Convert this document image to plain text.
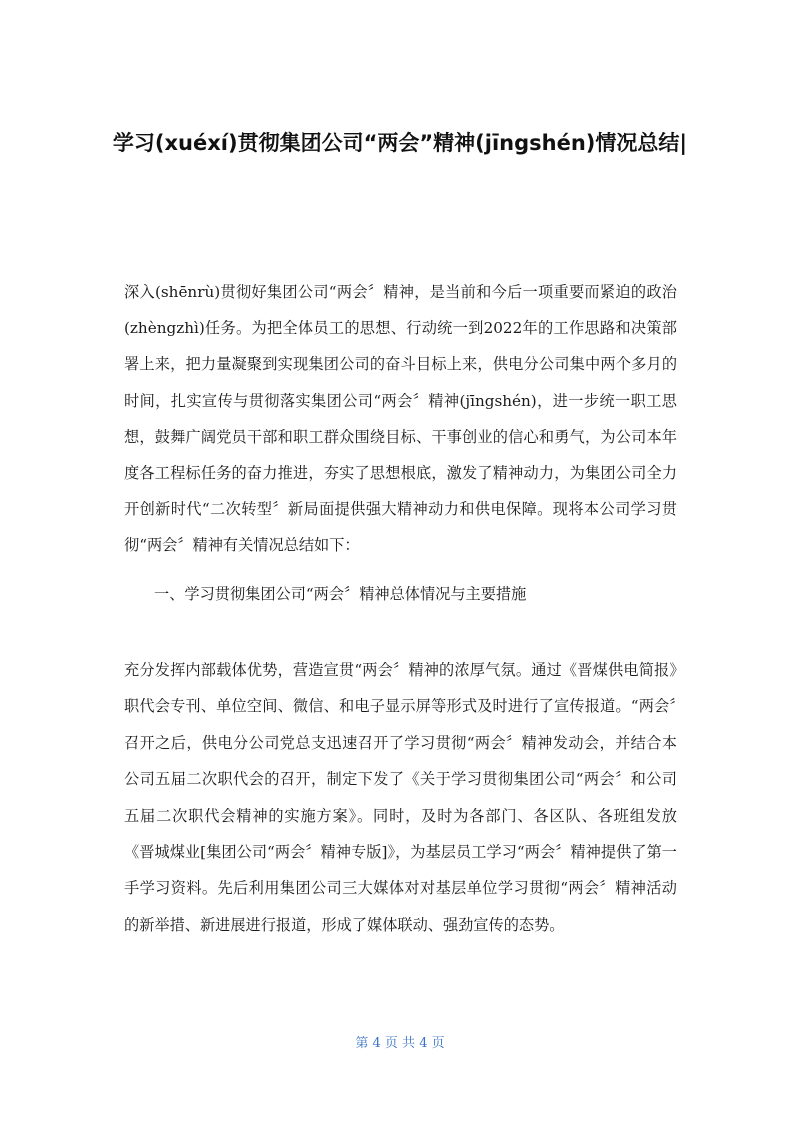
学习(xuéxí)贯彻集团公司“两会”精神(jīngshén)情况总结|

深入(shēnrù)贯彻好集团公司“两会〞精神，是当前和今后一项重要而紧迫的政治(zhèngzhì)任务。为把全体员工的思想、行动统一到2022年的工作思路和决策部署上来，把力量凝聚到实现集团公司的奋斗目标上来，供电分公司集中两个多月的时间，扎实宣传与贯彻落实集团公司“两会〞精神(jīngshén)，进一步统一职工思想，鼓舞广阔党员干部和职工群众围绕目标、干事创业的信心和勇气，为公司本年度各工程标任务的奋力推进，夯实了思想根底，激发了精神动力，为集团公司全力开创新时代“二次转型〞新局面提供强大精神动力和供电保障。现将本公司学习贯彻“两会〞精神有关情况总结如下：

一、学习贯彻集团公司“两会〞精神总体情况与主要措施

充分发挥内部载体优势，营造宣贯“两会〞精神的浓厚气氛。通过《晋煤供电简报》职代会专刊、单位空间、微信、和电子显示屏等形式及时进行了宣传报道。“两会〞召开之后，供电分公司党总支迅速召开了学习贯彻“两会〞精神发动会，并结合本公司五届二次职代会的召开，制定下发了《关于学习贯彻集团公司“两会〞和公司五届二次职代会精神的实施方案》。同时，及时为各部门、各区队、各班组发放《晋城煤业[集团公司“两会〞精神专版]》，为基层员工学习“两会〞精神提供了第一手学习资料。先后利用集团公司三大媒体对对基层单位学习贯彻“两会〞精神活动的新举措、新进展进行报道，形成了媒体联动、强劲宣传的态势。

第 4 页 共 4 页
